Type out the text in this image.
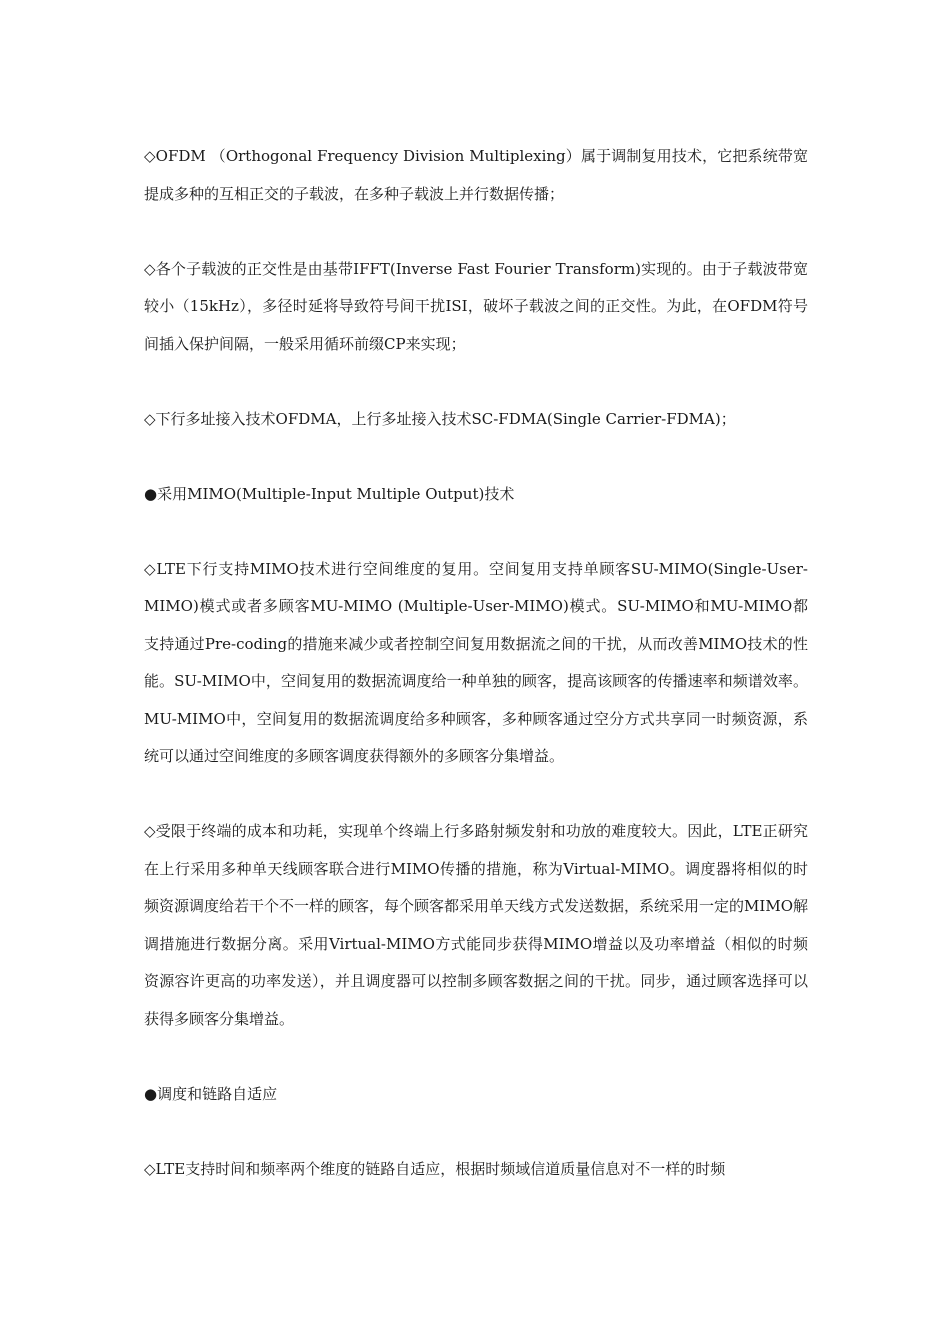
◇OFDM （Orthogonal Frequency Division Multiplexing）属于调制复用技术，它把系统带宽提成多种的互相正交的子载波，在多种子载波上并行数据传播；

◇各个子载波的正交性是由基带IFFT(Inverse Fast Fourier Transform)实现的。由于子载波带宽较小（15kHz），多径时延将导致符号间干扰ISI，破坏子载波之间的正交性。为此，在OFDM符号间插入保护间隔，一般采用循环前缀CP来实现；

◇下行多址接入技术OFDMA，上行多址接入技术SC-FDMA(Single Carrier-FDMA)；

●采用MIMO(Multiple-Input Multiple Output)技术

◇LTE下行支持MIMO技术进行空间维度的复用。空间复用支持单顾客SU-MIMO(Single-User-MIMO)模式或者多顾客MU-MIMO (Multiple-User-MIMO)模式。SU-MIMO和MU-MIMO都支持通过Pre-coding的措施来减少或者控制空间复用数据流之间的干扰，从而改善MIMO技术的性能。SU-MIMO中，空间复用的数据流调度给一种单独的顾客，提高该顾客的传播速率和频谱效率。MU-MIMO中，空间复用的数据流调度给多种顾客，多种顾客通过空分方式共享同一时频资源，系统可以通过空间维度的多顾客调度获得额外的多顾客分集增益。

◇受限于终端的成本和功耗，实现单个终端上行多路射频发射和功放的难度较大。因此，LTE正研究在上行采用多种单天线顾客联合进行MIMO传播的措施，称为Virtual-MIMO。调度器将相似的时频资源调度给若干个不一样的顾客，每个顾客都采用单天线方式发送数据，系统采用一定的MIMO解调措施进行数据分离。采用Virtual-MIMO方式能同步获得MIMO增益以及功率增益（相似的时频资源容许更高的功率发送），并且调度器可以控制多顾客数据之间的干扰。同步，通过顾客选择可以获得多顾客分集增益。

●调度和链路自适应

◇LTE支持时间和频率两个维度的链路自适应，根据时频域信道质量信息对不一样的时频
